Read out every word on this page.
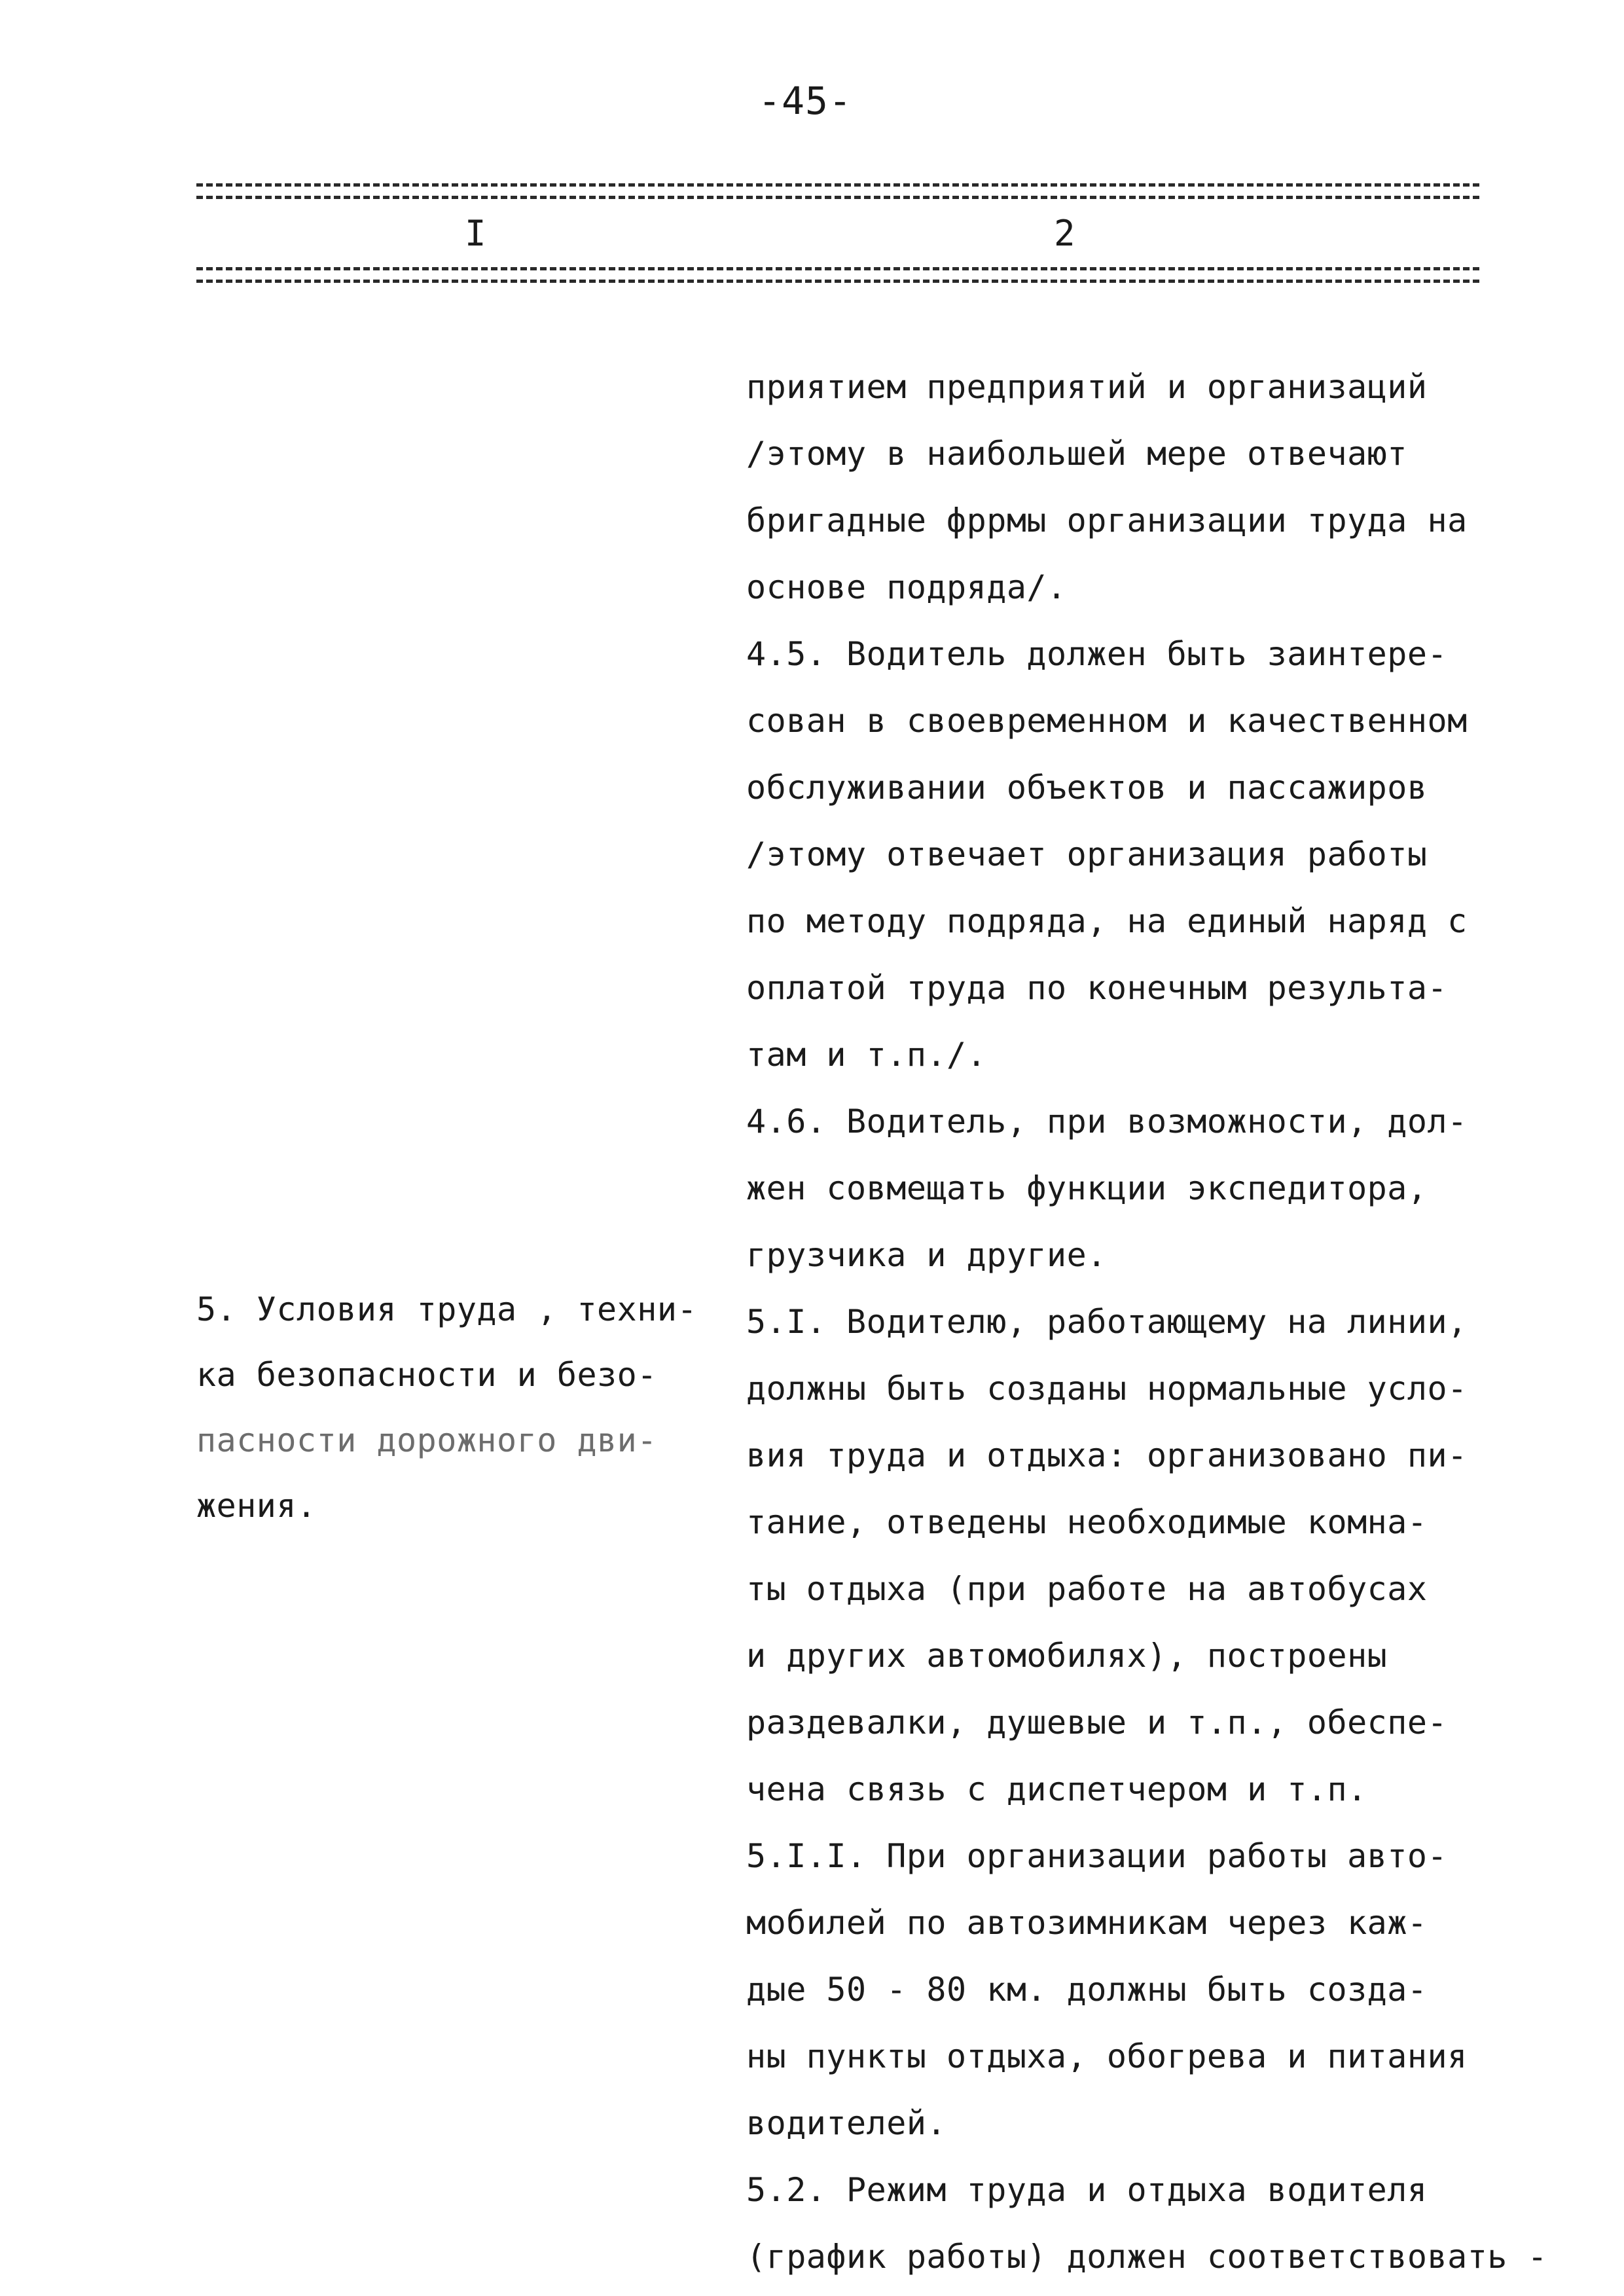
-45-
I	2
5. Условия труда , техни-
ка безопасности и безо-
пасности дорожного дви-
жения.
приятием предприятий и организаций
/этому в наибольшей мере отвечают
бригадные фррмы организации труда на
основе подряда/.
4.5. Водитель должен быть заинтере-
сован в своевременном и качественном
обслуживании объектов и пассажиров
/этому отвечает организация работы
по методу подряда, на единый наряд с
оплатой труда по конечным результа-
там и т.п./.
4.6. Водитель, при возможности, дол-
жен совмещать функции экспедитора,
грузчика и другие.
5.I. Водителю, работающему на линии,
должны быть созданы нормальные усло-
вия труда и отдыха: организовано пи-
тание, отведены необходимые комна-
ты отдыха (при работе на автобусах
и других автомобилях), построены
раздевалки, душевые и т.п., обеспе-
чена связь с диспетчером и т.п.
5.I.I. При организации работы авто-
мобилей по автозимникам через каж-
дые 50 - 80 км. должны быть созда-
ны пункты отдыха, обогрева и питания
водителей.
5.2. Режим труда и отдыха водителя
(график работы) должен соответствовать -
